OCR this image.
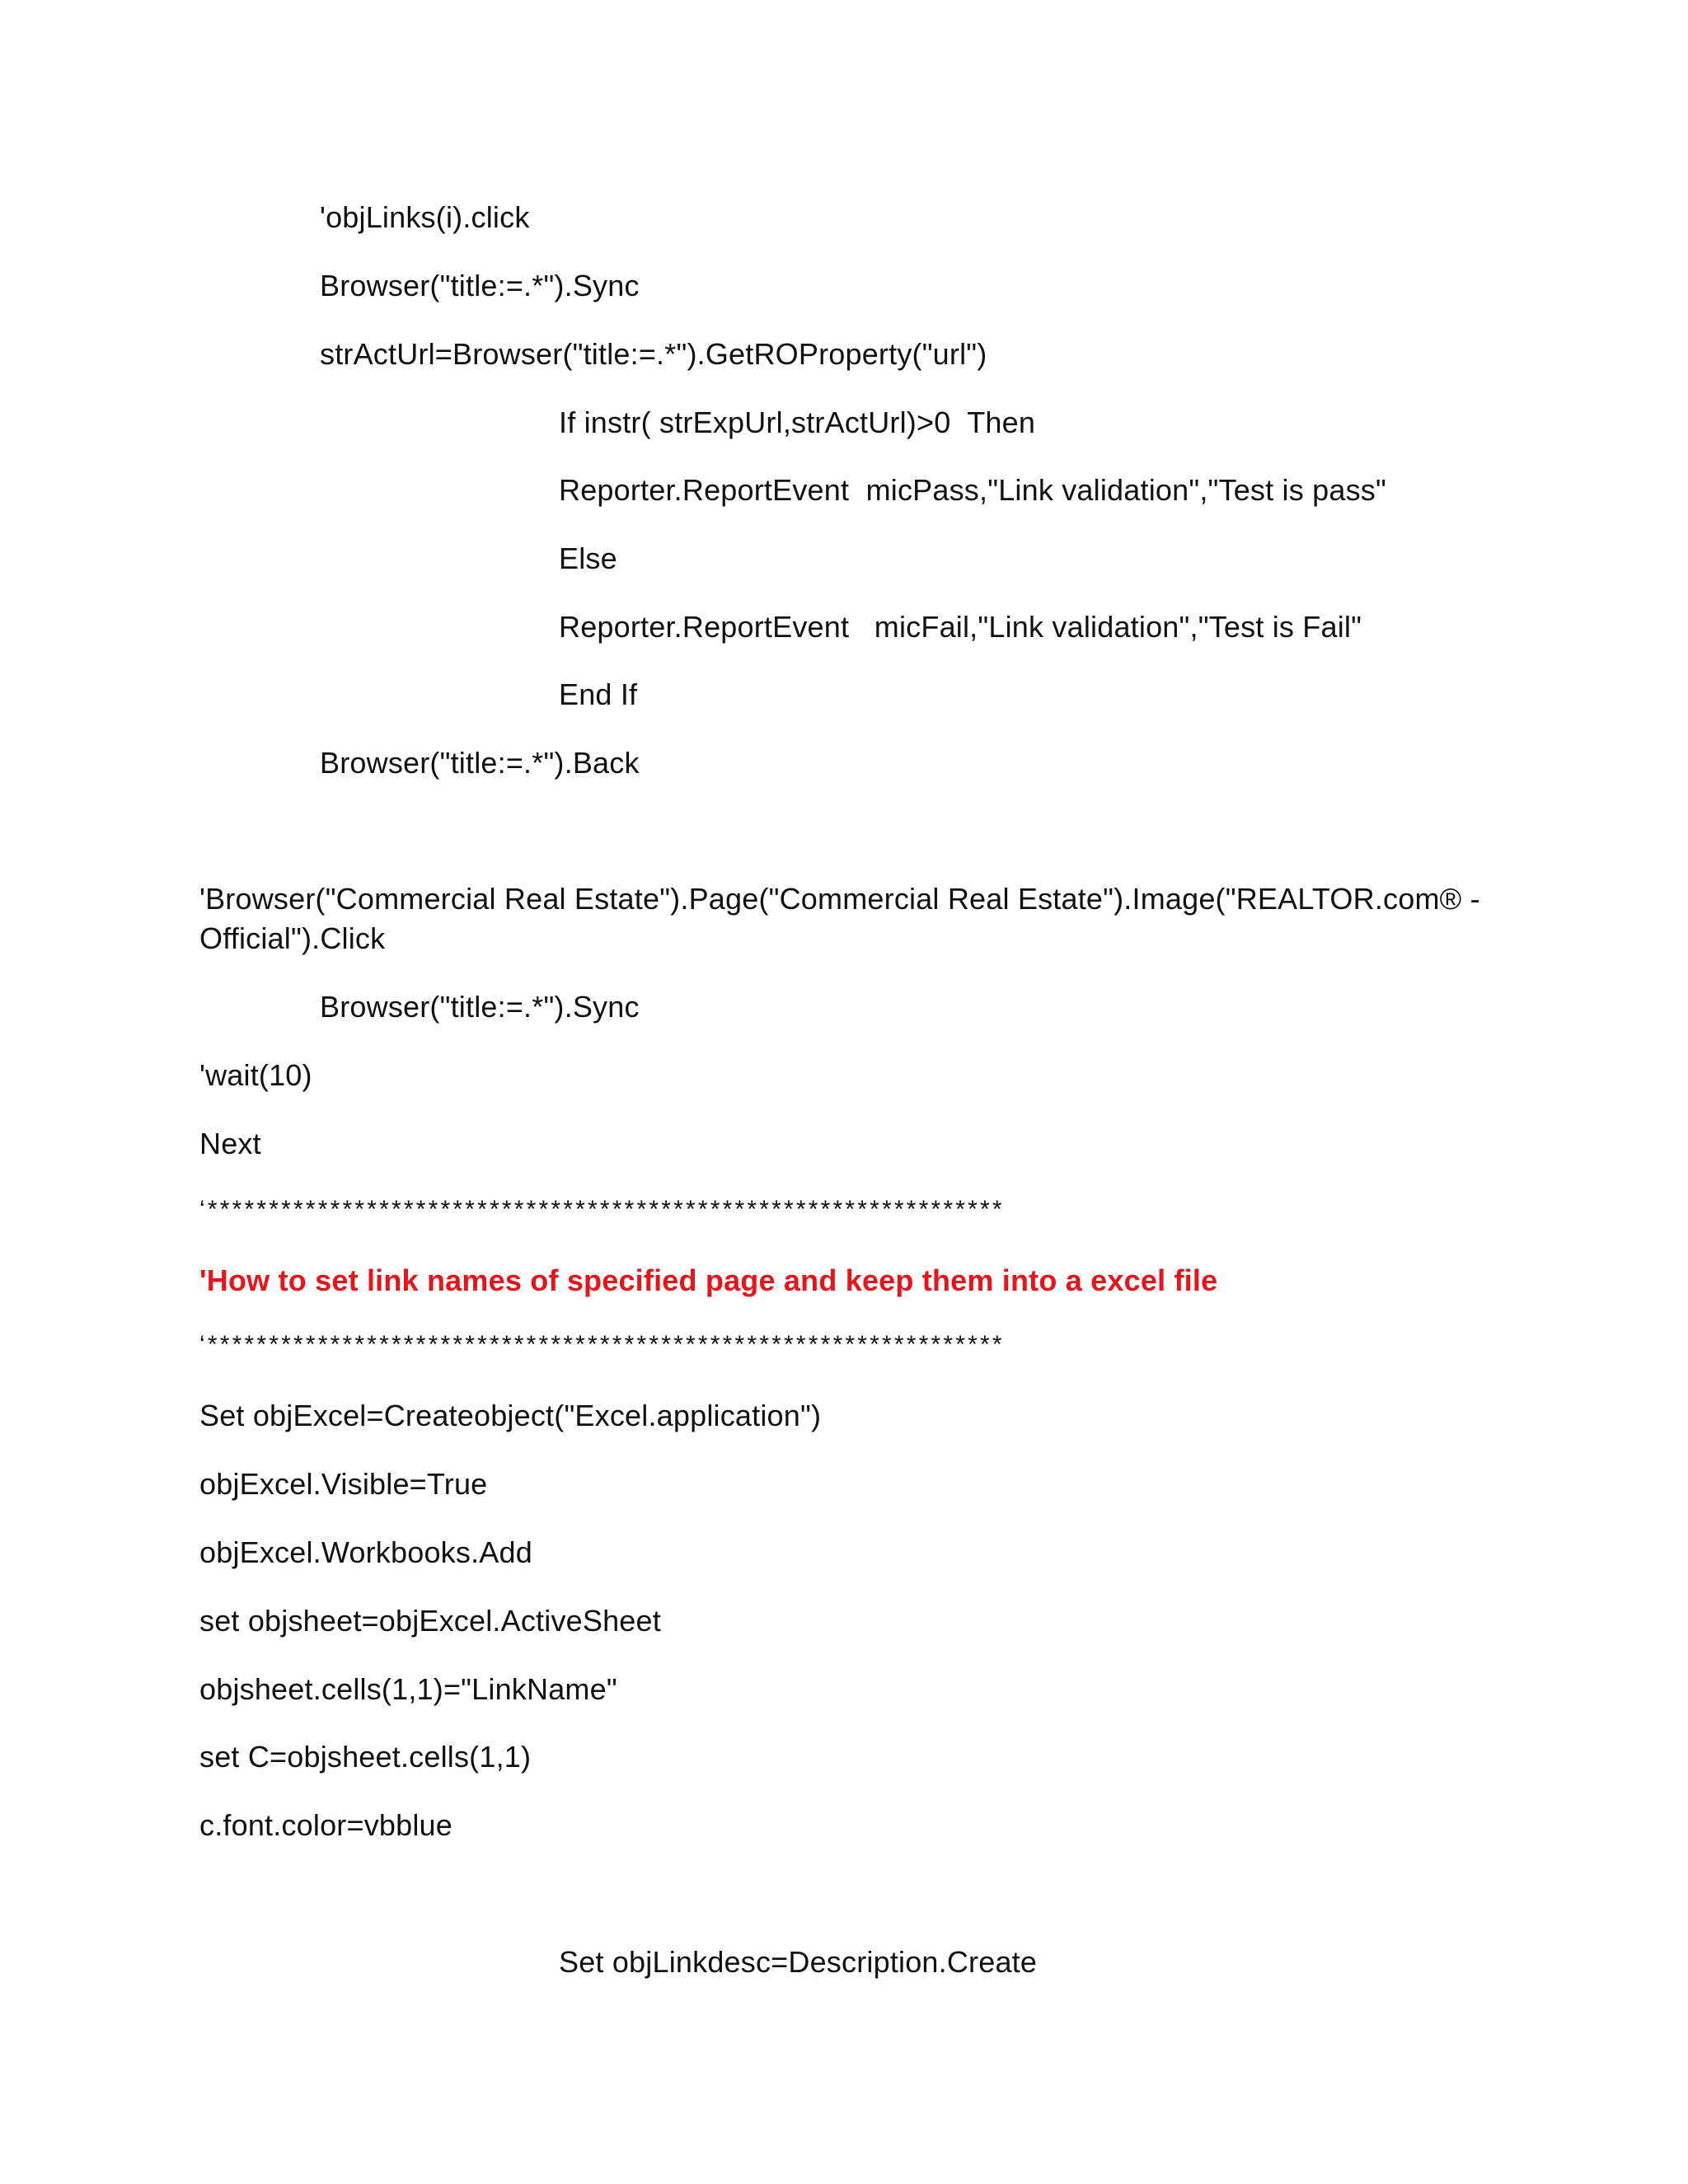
'objLinks(i).click
Browser("title:=.*").Sync
strActUrl=Browser("title:=.*").GetROProperty("url")
If instr( strExpUrl,strActUrl)>0  Then
Reporter.ReportEvent  micPass,"Link validation","Test is pass"
Else
Reporter.ReportEvent   micFail,"Link validation","Test is Fail"
End If
Browser("title:=.*").Back
'Browser("Commercial Real Estate").Page("Commercial Real Estate").Image("REALTOR.com® - Official").Click
Browser("title:=.*").Sync
'wait(10)
Next
‘*****************************************************************
'How to set link names of specified page and keep them into a excel file
‘*****************************************************************
Set objExcel=Createobject("Excel.application")
objExcel.Visible=True
objExcel.Workbooks.Add
set objsheet=objExcel.ActiveSheet
objsheet.cells(1,1)="LinkName"
set C=objsheet.cells(1,1)
c.font.color=vbblue
Set objLinkdesc=Description.Create
